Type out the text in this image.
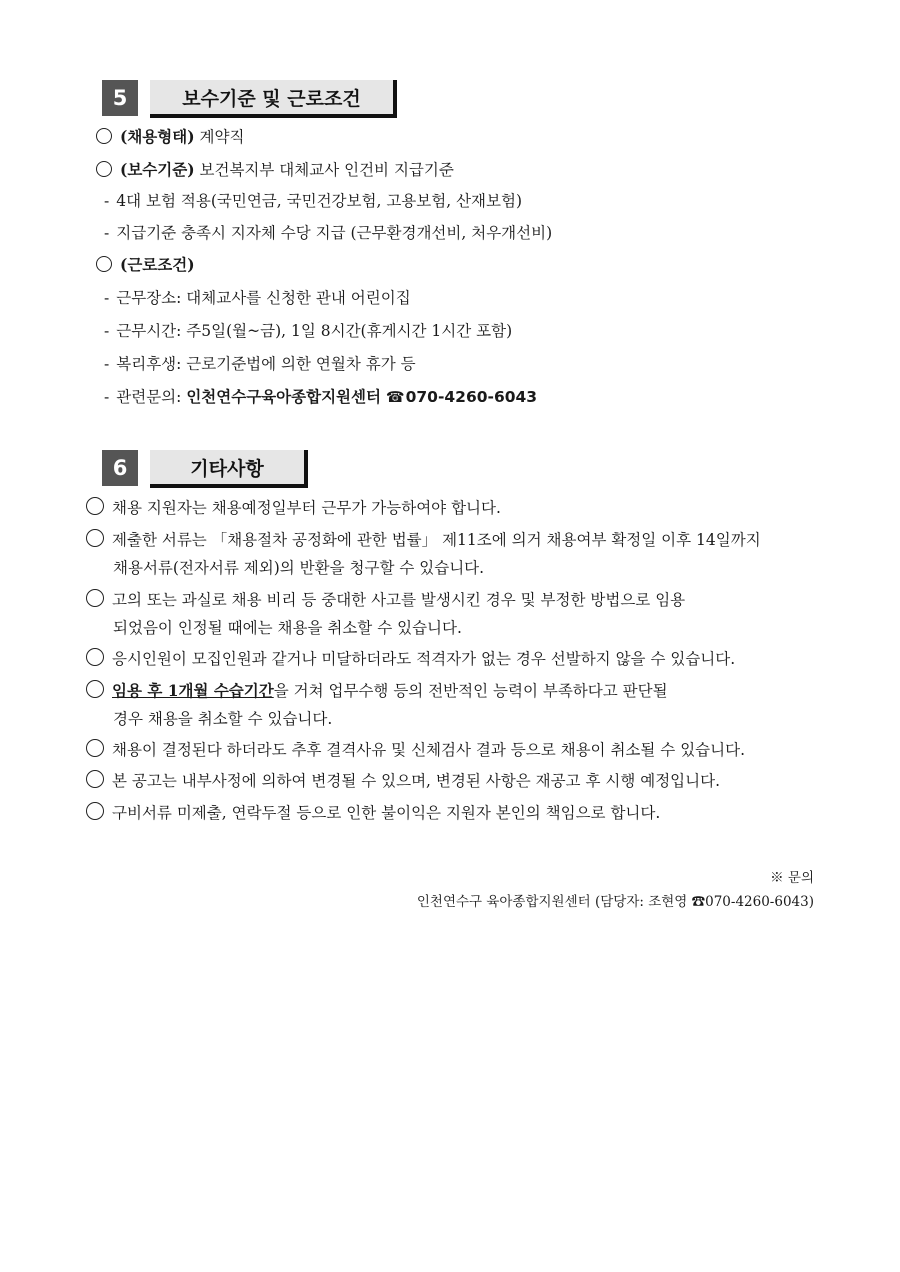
5	보수기준 및 근로조건
(채용형태) 계약직
(보수기준) 보건복지부 대체교사 인건비 지급기준
- 4대 보험 적용(국민연금, 국민건강보험, 고용보험, 산재보험)
- 지급기준 충족시 지자체 수당 지급 (근무환경개선비, 처우개선비)
(근로조건)
- 근무장소: 대체교사를 신청한 관내 어린이집
- 근무시간: 주5일(월~금), 1일 8시간(휴게시간 1시간 포함)
- 복리후생: 근로기준법에 의한 연월차 휴가 등
- 관련문의: 인천연수구육아종합지원센터 ☎070-4260-6043
6	기타사항
채용 지원자는 채용예정일부터 근무가 가능하여야 합니다.
제출한 서류는 「채용절차 공정화에 관한 법률」 제11조에 의거 채용여부 확정일 이후 14일까지
채용서류(전자서류 제외)의 반환을 청구할 수 있습니다.
고의 또는 과실로 채용 비리 등 중대한 사고를 발생시킨 경우 및 부정한 방법으로 임용
되었음이 인정될 때에는 채용을 취소할 수 있습니다.
응시인원이 모집인원과 같거나 미달하더라도 적격자가 없는 경우 선발하지 않을 수 있습니다.
임용 후 1개월 수습기간을 거쳐 업무수행 등의 전반적인 능력이 부족하다고 판단될
경우 채용을 취소할 수 있습니다.
채용이 결정된다 하더라도 추후 결격사유 및 신체검사 결과 등으로 채용이 취소될 수 있습니다.
본 공고는 내부사정에 의하여 변경될 수 있으며, 변경된 사항은 재공고 후 시행 예정입니다.
구비서류 미제출, 연락두절 등으로 인한 불이익은 지원자 본인의 책임으로 합니다.
※ 문의
인천연수구 육아종합지원센터 (담당자: 조현영 ☎070-4260-6043)
